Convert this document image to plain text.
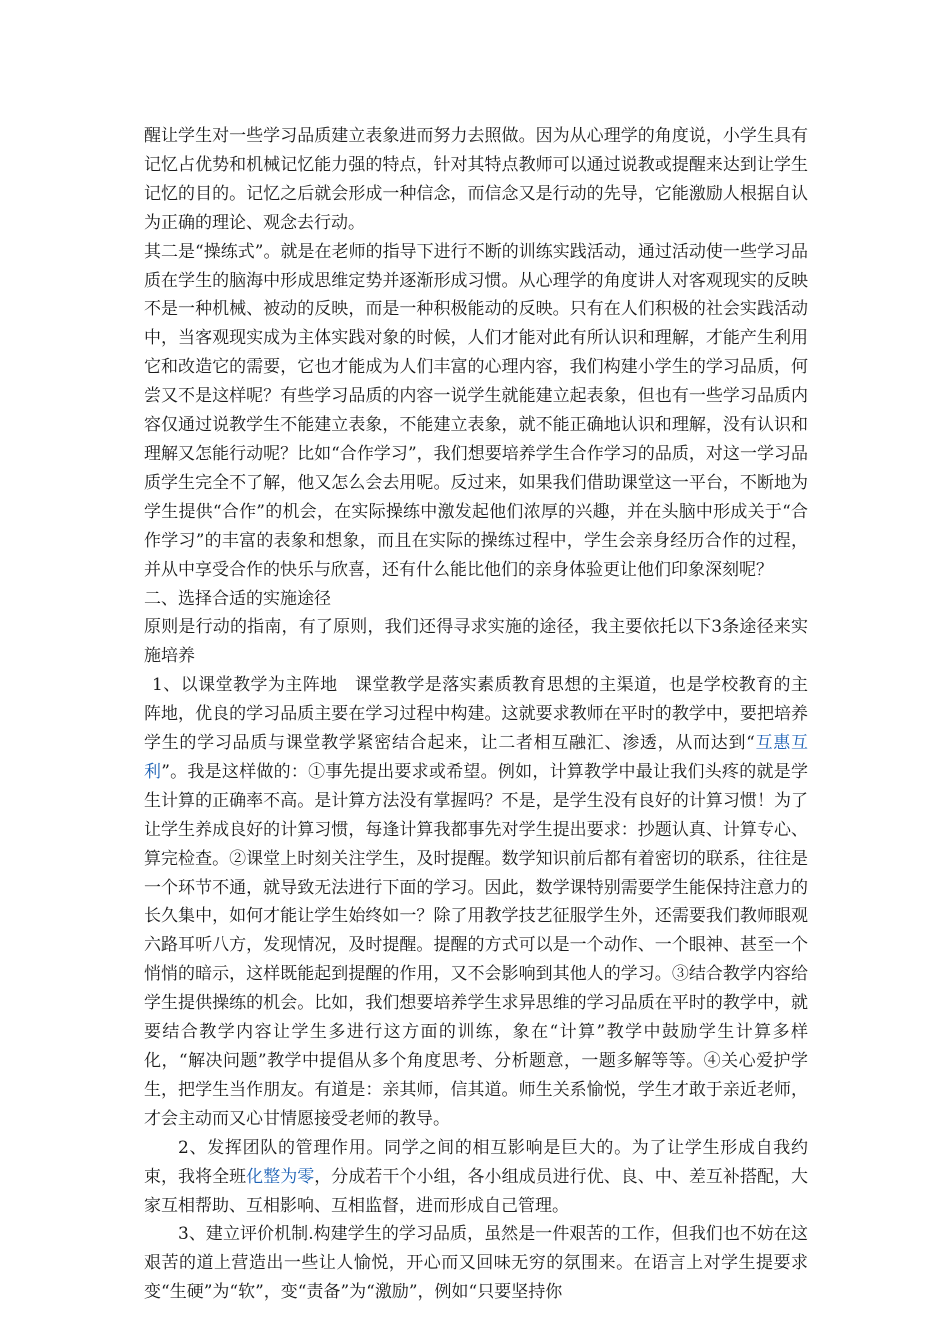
醒让学生对一些学习品质建立表象进而努力去照做。因为从心理学的角度说，小学生具有记忆占优势和机械记忆能力强的特点，针对其特点教师可以通过说教或提醒来达到让学生记忆的目的。记忆之后就会形成一种信念，而信念又是行动的先导，它能激励人根据自认为正确的理论、观念去行动。

其二是“操练式”。就是在老师的指导下进行不断的训练实践活动，通过活动使一些学习品质在学生的脑海中形成思维定势并逐渐形成习惯。从心理学的角度讲人对客观现实的反映不是一种机械、被动的反映，而是一种积极能动的反映。只有在人们积极的社会实践活动中，当客观现实成为主体实践对象的时候，人们才能对此有所认识和理解，才能产生利用它和改造它的需要，它也才能成为人们丰富的心理内容，我们构建小学生的学习品质，何尝又不是这样呢？有些学习品质的内容一说学生就能建立起表象，但也有一些学习品质内容仅通过说教学生不能建立表象，不能建立表象，就不能正确地认识和理解，没有认识和理解又怎能行动呢？比如“合作学习”，我们想要培养学生合作学习的品质，对这一学习品质学生完全不了解，他又怎么会去用呢。反过来，如果我们借助课堂这一平台，不断地为学生提供“合作”的机会，在实际操练中激发起他们浓厚的兴趣，并在头脑中形成关于“合作学习”的丰富的表象和想象，而且在实际的操练过程中，学生会亲身经历合作的过程，并从中享受合作的快乐与欣喜，还有什么能比他们的亲身体验更让他们印象深刻呢？

二、选择合适的实施途径

原则是行动的指南，有了原则，我们还得寻求实施的途径，我主要依托以下3条途径来实施培养

1、以课堂教学为主阵地　课堂教学是落实素质教育思想的主渠道，也是学校教育的主阵地，优良的学习品质主要在学习过程中构建。这就要求教师在平时的教学中，要把培养学生的学习品质与课堂教学紧密结合起来，让二者相互融汇、渗透，从而达到“互惠互利”。我是这样做的：①事先提出要求或希望。例如，计算教学中最让我们头疼的就是学生计算的正确率不高。是计算方法没有掌握吗？不是，是学生没有良好的计算习惯！为了让学生养成良好的计算习惯，每逢计算我都事先对学生提出要求：抄题认真、计算专心、算完检查。②课堂上时刻关注学生，及时提醒。数学知识前后都有着密切的联系，往往是一个环节不通，就导致无法进行下面的学习。因此，数学课特别需要学生能保持注意力的长久集中，如何才能让学生始终如一？除了用教学技艺征服学生外，还需要我们教师眼观六路耳听八方，发现情况，及时提醒。提醒的方式可以是一个动作、一个眼神、甚至一个悄悄的暗示，这样既能起到提醒的作用，又不会影响到其他人的学习。③结合教学内容给学生提供操练的机会。比如，我们想要培养学生求异思维的学习品质在平时的教学中，就要结合教学内容让学生多进行这方面的训练，象在“计算”教学中鼓励学生计算多样化，“解决问题”教学中提倡从多个角度思考、分析题意，一题多解等等。④关心爱护学生，把学生当作朋友。有道是：亲其师，信其道。师生关系愉悦，学生才敢于亲近老师，才会主动而又心甘情愿接受老师的教导。

2、发挥团队的管理作用。同学之间的相互影响是巨大的。为了让学生形成自我约束，我将全班化整为零，分成若干个小组，各小组成员进行优、良、中、差互补搭配，大家互相帮助、互相影响、互相监督，进而形成自己管理。

3、建立评价机制.构建学生的学习品质，虽然是一件艰苦的工作，但我们也不妨在这艰苦的道上营造出一些让人愉悦，开心而又回味无穷的氛围来。在语言上对学生提要求变“生硬”为“软”，变“责备”为“激励”，例如“只要坚持你
